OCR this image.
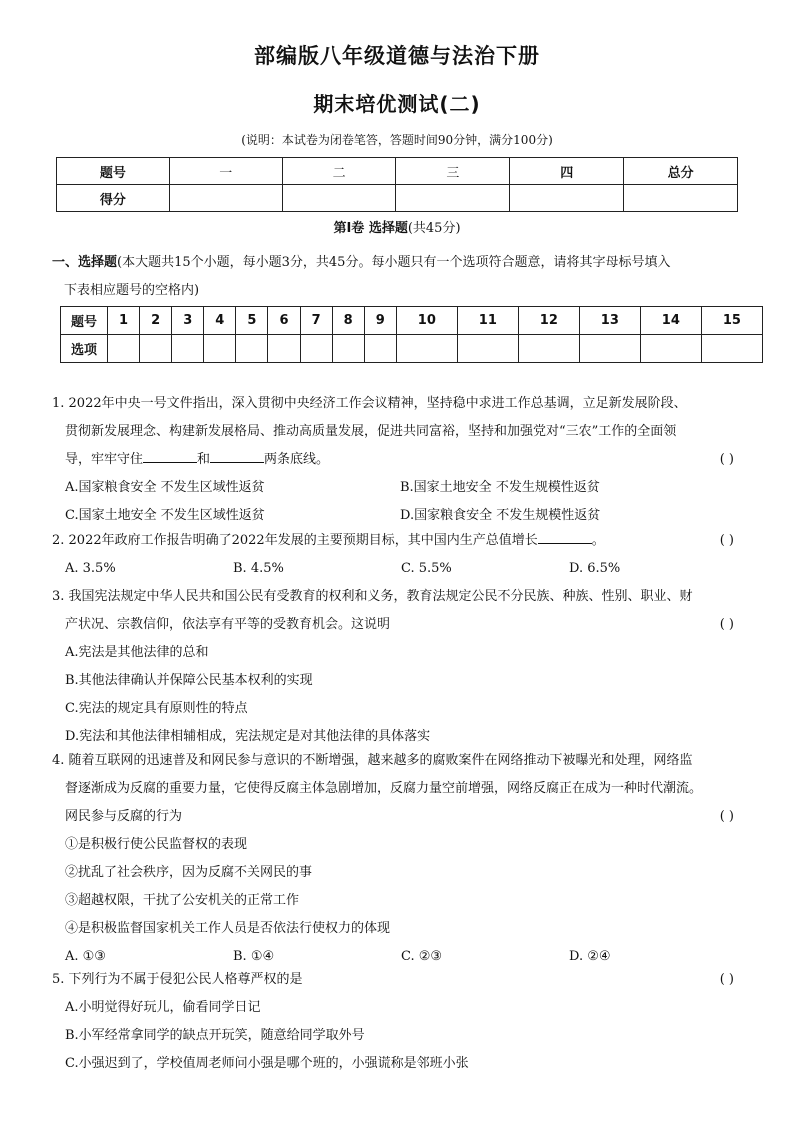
部编版八年级道德与法治下册
期末培优测试(二)
(说明：本试卷为闭卷笔答，答题时间90分钟，满分100分)
题号	一	二	三	四	总分
得分					
第Ⅰ卷 选择题(共45分)
一、选择题(本大题共15个小题，每小题3分，共45分。每小题只有一个选项符合题意，请将其字母标号填入
下表相应题号的空格内)
题号	1	2	3	4	5	6	7	8	9	10	11	12	13	14	15
选项															

1. 2022年中央一号文件指出，深入贯彻中央经济工作会议精神，坚持稳中求进工作总基调，立足新发展阶段、

贯彻新发展理念、构建新发展格局、推动高质量发展，促进共同富裕，坚持和加强党对“三农”工作的全面领

导，牢牢守住	和	两条底线。	( )

A.国家粮食安全 不发生区域性返贫	B.国家土地安全 不发生规模性返贫

C.国家土地安全 不发生区域性返贫	D.国家粮食安全 不发生规模性返贫

2. 2022年政府工作报告明确了2022年发展的主要预期目标，其中国内生产总值增长	。	( )

A. 3.5%	B. 4.5%	C. 5.5%	D. 6.5%

3. 我国宪法规定中华人民共和国公民有受教育的权利和义务，教育法规定公民不分民族、种族、性别、职业、财

产状况、宗教信仰，依法享有平等的受教育机会。这说明	( )

A.宪法是其他法律的总和

B.其他法律确认并保障公民基本权利的实现

C.宪法的规定具有原则性的特点

D.宪法和其他法律相辅相成，宪法规定是对其他法律的具体落实

4. 随着互联网的迅速普及和网民参与意识的不断增强，越来越多的腐败案件在网络推动下被曝光和处理，网络监

督逐渐成为反腐的重要力量，它使得反腐主体急剧增加，反腐力量空前增强，网络反腐正在成为一种时代潮流。

网民参与反腐的行为	( )

①是积极行使公民监督权的表现

②扰乱了社会秩序，因为反腐不关网民的事

③超越权限，干扰了公安机关的正常工作

④是积极监督国家机关工作人员是否依法行使权力的体现

A. ①③	B. ①④	C. ②③	D. ②④

5. 下列行为不属于侵犯公民人格尊严权的是	( )

A.小明觉得好玩儿，偷看同学日记

B.小军经常拿同学的缺点开玩笑，随意给同学取外号

C.小强迟到了，学校值周老师问小强是哪个班的，小强谎称是邻班小张
